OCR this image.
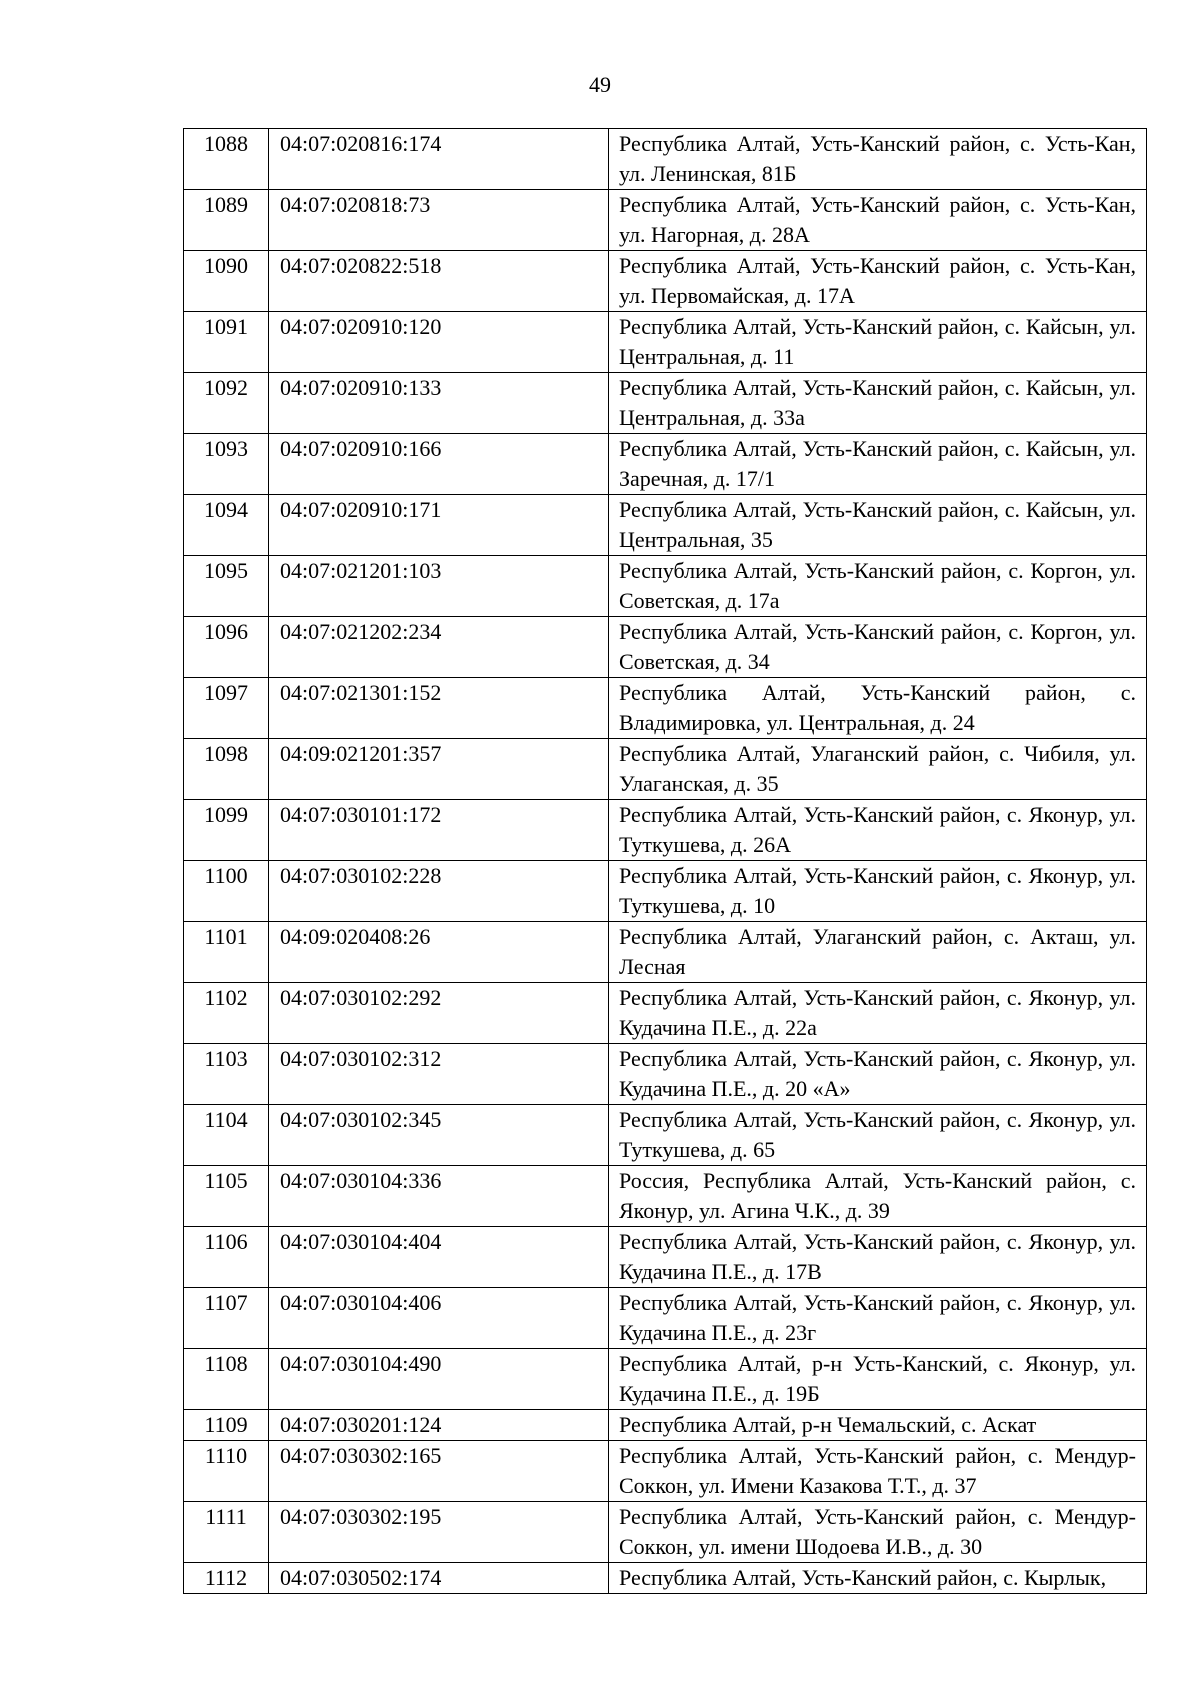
49
1088	04:07:020816:174	Республика Алтай, Усть-Канский район, с. Усть-Кан, ул. Ленинская, 81Б
1089	04:07:020818:73	Республика Алтай, Усть-Канский район, с. Усть-Кан, ул. Нагорная, д. 28А
1090	04:07:020822:518	Республика Алтай, Усть-Канский район, с. Усть-Кан, ул. Первомайская, д. 17А
1091	04:07:020910:120	Республика Алтай, Усть-Канский район, с. Кайсын, ул. Центральная, д. 11
1092	04:07:020910:133	Республика Алтай, Усть-Канский район, с. Кайсын, ул. Центральная, д. 33а
1093	04:07:020910:166	Республика Алтай, Усть-Канский район, с. Кайсын, ул. Заречная, д. 17/1
1094	04:07:020910:171	Республика Алтай, Усть-Канский район, с. Кайсын, ул. Центральная, 35
1095	04:07:021201:103	Республика Алтай, Усть-Канский район, с. Коргон, ул. Советская, д. 17а
1096	04:07:021202:234	Республика Алтай, Усть-Канский район, с. Коргон, ул. Советская, д. 34
1097	04:07:021301:152	Республика Алтай, Усть-Канский район, с. Владимировка, ул. Центральная, д. 24
1098	04:09:021201:357	Республика Алтай, Улаганский район, с. Чибиля, ул. Улаганская, д. 35
1099	04:07:030101:172	Республика Алтай, Усть-Канский район, с. Яконур, ул. Туткушева, д. 26А
1100	04:07:030102:228	Республика Алтай, Усть-Канский район, с. Яконур, ул. Туткушева, д. 10
1101	04:09:020408:26	Республика Алтай, Улаганский район, с. Акташ, ул. Лесная
1102	04:07:030102:292	Республика Алтай, Усть-Канский район, с. Яконур, ул. Кудачина П.Е., д. 22а
1103	04:07:030102:312	Республика Алтай, Усть-Канский район, с. Яконур, ул. Кудачина П.Е., д. 20 «А»
1104	04:07:030102:345	Республика Алтай, Усть-Канский район, с. Яконур, ул. Туткушева, д. 65
1105	04:07:030104:336	Россия, Республика Алтай, Усть-Канский район, с. Яконур, ул. Агина Ч.К., д. 39
1106	04:07:030104:404	Республика Алтай, Усть-Канский район, с. Яконур, ул. Кудачина П.Е., д. 17В
1107	04:07:030104:406	Республика Алтай, Усть-Канский район, с. Яконур, ул. Кудачина П.Е., д. 23г
1108	04:07:030104:490	Республика Алтай, р-н Усть-Канский, с. Яконур, ул. Кудачина П.Е., д. 19Б
1109	04:07:030201:124	Республика Алтай, р-н Чемальский, с. Аскат
1110	04:07:030302:165	Республика Алтай, Усть-Канский район, с. Мендур-Соккон, ул. Имени Казакова Т.Т., д. 37
1111	04:07:030302:195	Республика Алтай, Усть-Канский район, с. Мендур-Соккон, ул. имени Шодоева И.В., д. 30
1112	04:07:030502:174	Республика Алтай, Усть-Канский район, с. Кырлык,
